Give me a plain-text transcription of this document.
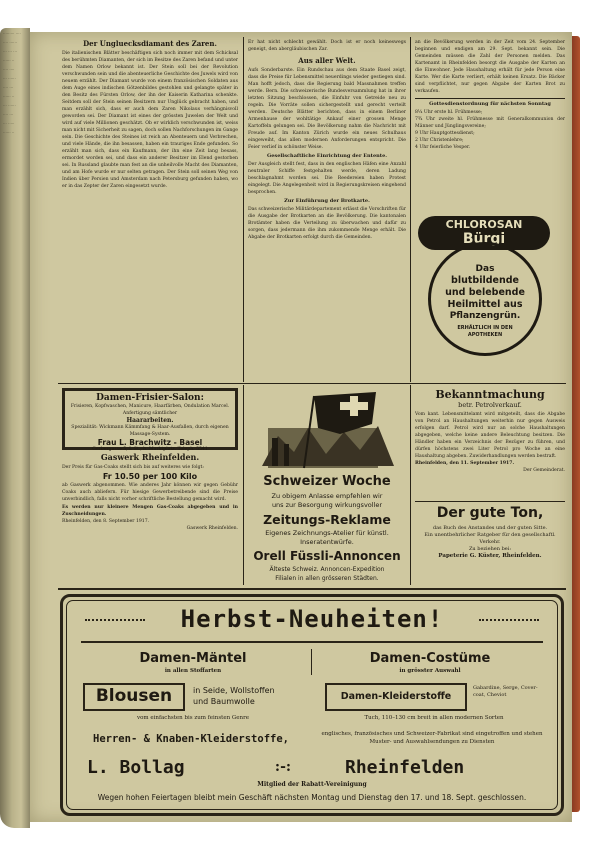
......... ....
.... ......
... ... ...
...... ..
.... ....
... ......
.... ...
...... ..
... ......
.... ...
... .....
...... ..
Der Ungluecksdiamant des Zaren.
Die italienischen Blätter beschäftigen sich noch immer mit dem Schicksal des berühmten Diamanten, der sich im Besitze des Zaren befand und unter dem Namen Orlow bekannt ist. Der Stein soll bei der Revolution verschwunden sein und die abenteuerliche Geschichte des Juwels wird von neuem erzählt. Der Diamant wurde von einem französischen Soldaten aus dem Auge eines indischen Götzenbildes gestohlen und gelangte später in den Besitz des Fürsten Orlow, der ihn der Kaiserin Katharina schenkte. Seitdem soll der Stein seinen Besitzern nur Unglück gebracht haben, und man erzählt sich, dass er auch dem Zaren Nikolaus verhängnisvoll geworden sei. Der Diamant ist eines der grössten Juwelen der Welt und wird auf viele Millionen geschätzt. Ob er wirklich verschwunden ist, weiss man nicht mit Sicherheit zu sagen, doch sollen Nachforschungen im Gange sein. Die Geschichte des Steines ist reich an Abenteuern und Verbrechen, und viele Hände, die ihn besassen, haben ein trauriges Ende gefunden. So erzählt man sich, dass ein Kaufmann, der ihn eine Zeit lang besass, ermordet worden sei, und dass ein anderer Besitzer im Elend gestorben sei. In Russland glaubte man fest an die unheilvolle Macht des Diamanten, und am Hofe wurde er nur selten getragen. Der Stein soll seinen Weg von Indien über Persien und Amsterdam nach Petersburg gefunden haben, wo er in das Zepter der Zaren eingesetzt wurde.
Er hat nicht schlecht gewählt. Doch ist er noch keineswegs geneigt, den abergläubischen Zar.
Aus aller Welt.
Aufs Sonderbarste. Ein Rundschau aus dem Staate Basel zeigt, dass die Preise für Lebensmittel neuerdings wieder gestiegen sind. Man hofft jedoch, dass die Regierung bald Massnahmen treffen werde. Bern. Die schweizerische Bundesversammlung hat in ihrer letzten Sitzung beschlossen, die Einfuhr von Getreide neu zu regeln. Die Vorräte sollen sichergestellt und gerecht verteilt werden. Deutsche Blätter berichten, dass in einem Berliner Armenhause der wohltätige Ankauf einer grossen Menge Kartoffeln gelungen sei. Die Bevölkerung nahm die Nachricht mit Freude auf. Im Kanton Zürich wurde ein neues Schulhaus eingeweiht, das allen modernen Anforderungen entspricht. Die Feier verlief in schönster Weise.
Gesellschaftliche Einrichtung der Entente.
Der Ausgleich stellt fest, dass in den englischen Häfen eine Anzahl neutraler Schiffe festgehalten werde, deren Ladung beschlagnahmt worden sei. Die Reedereien haben Protest eingelegt. Die Angelegenheit wird in Regierungskreisen eingehend besprochen.
Zur Einführung der Brotkarte.
Das schweizerische Militärdepartement erlässt die Vorschriften für die Ausgabe der Brotkarten an die Bevölkerung. Die kantonalen Brotämter haben die Verteilung zu überwachen und dafür zu sorgen, dass jedermann die ihm zukommende Menge erhält. Die Abgabe der Brotkarten erfolgt durch die Gemeinden.
an die Bevölkerung werden in der Zeit vom 24. September beginnen und endigen am 29. Sept. bekannt sein. Die Gemeinden müssen die Zahl der Personen melden. Das Kartenamt in Rheinfelden besorgt die Ausgabe der Karten an die Einwohner. Jede Haushaltung erhält für jede Person eine Karte. Wer die Karte verliert, erhält keinen Ersatz. Die Bäcker sind verpflichtet, nur gegen Abgabe der Karten Brot zu verkaufen.
Gottesdienstordnung für nächsten Sonntag
8¼ Uhr erste hl. Frühmesse;
7¾ Uhr zweite hl. Frühmesse mit Generalkommunion der Männer und Jünglingsvereine;
9 Uhr Hauptgottesdienst;
2 Uhr Christenlehre;
4 Uhr feierliche Vesper.
CHLOROSAN
Bürgi
Das
blutbildende
und belebende
Heilmittel aus
Pflanzengrün.
ERHÄLTLICH IN DEN
APOTHEKEN
Damen-Frisier-Salon:
Frisieren, Kopfwaschen, Manicure, Haarfärben, Ondulation Marcel. Anfertigung sämtlicher
Haararbeiten.
Spezialität: Wickmann Kämmfang & Haar-Ausfallen, durch eigenen Massage-System.
Frau L. Brachwitz - Basel
Gerbergasse 5, I. St., b. Marktplatz. Teleph. 5541
Gaswerk Rheinfelden.
Der Preis für Gas-Coaks stellt sich bis auf weiteres wie folgt:
Fr 10.50 per 100 Kilo
ab Gaswerk abgenommen. Wie anderes Jahr können wir gegen Gebühr Coaks auch abliefern. Für hiesige Gewerbetreibende sind die Preise unverbindlich, falls nicht vorher schriftliche Bestellung gemacht wird.
Es werden nur kleinere Mengen Gas-Coaks abgegeben und in Zuschneidungen.
Rheinfelden, den 8. September 1917.
Gaswerk Rheinfelden.
Schweizer Woche
Zu obigem Anlasse empfehlen wir
uns zur Besorgung wirkungsvoller
Zeitungs-Reklame
Eigenes Zeichnungs-Atelier für künstl.
Inseratentwürfe.
Orell Füssli-Annoncen
Älteste Schweiz. Annoncen-Expedition
Filialen in allen grösseren Städten.
Bekanntmachung
betr. Petrolverkauf.
Vom kant. Lebensmittelamt wird mitgeteilt, dass die Abgabe von Petrol an Haushaltungen weiterhin nur gegen Ausweis erfolgen darf. Petrol wird nur an solche Haushaltungen abgegeben, welche keine andere Beleuchtung besitzen. Die Händler haben ein Verzeichnis der Bezüger zu führen, und dürfen höchstens zwei Liter Petrol pro Woche an eine Haushaltung abgeben. Zuwiderhandlungen werden bestraft.
Rheinfelden, den 11. September 1917.
Der Gemeinderat.
Der gute Ton,
das Buch des Anstandes und der guten Sitte.
Ein unentbehrlicher Ratgeber für den gesellschaftl. Verkehr.
Zu beziehen bei:
Papeterie G. Küster, Rheinfelden.
Herbst-Neuheiten!
Damen-Mäntel
in allen Stoffarten
Damen-Costüme
in grösster Auswahl
Blousen	in Seide, Wollstoffen
und Baumwolle
vom einfachsten bis zum feinsten Genre
Damen-Kleiderstoffe
Gabardine, Serge, Cover-coat, Cheviot
Tuch, 110–130 cm breit in allen modernen Sorten
Herren- & Knaben-Kleiderstoffe,	englisches, französisches und Schweizer-Fabrikat sind eingetroffen und stehen Muster- und Auswahlsendungen zu Diensten
L. Bollag	:-:	Rheinfelden
Mitglied der Rabatt-Vereinigung
Wegen hohen Feiertagen bleibt mein Geschäft nächsten Montag und Dienstag den 17. und 18. Sept. geschlossen.
